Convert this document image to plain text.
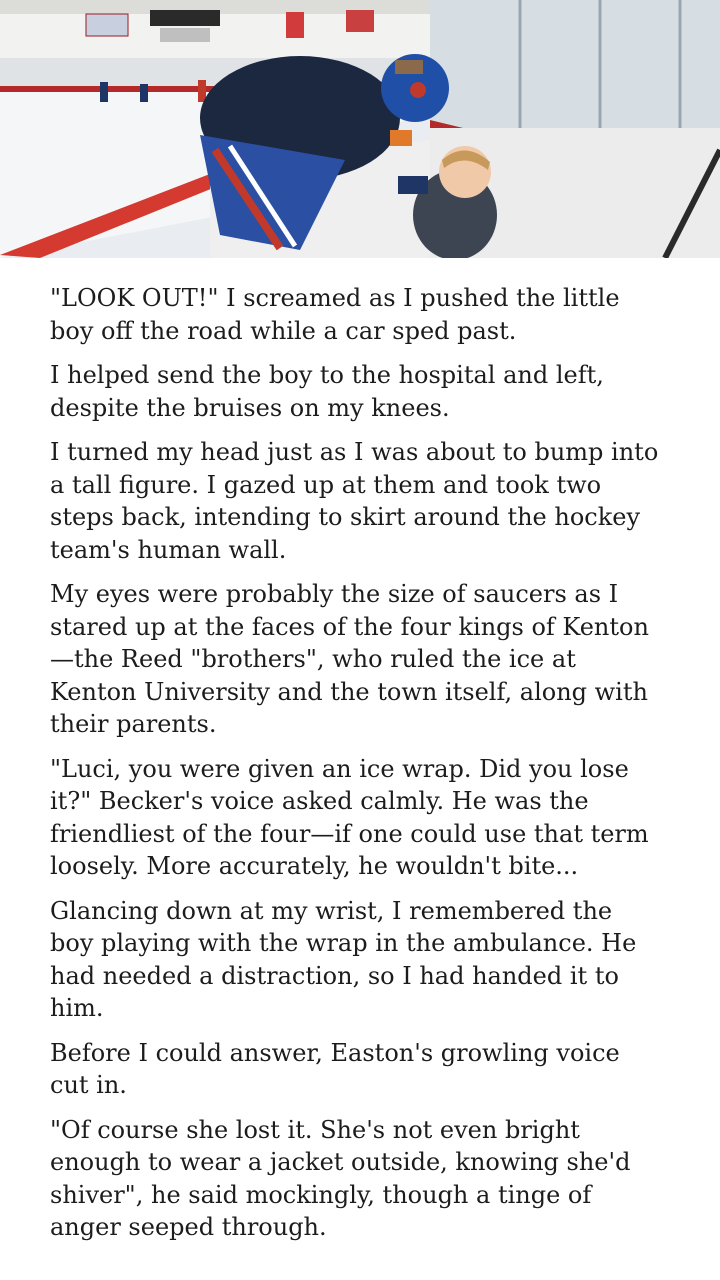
"LOOK OUT!" I screamed as I pushed the little boy off the road while a car sped past.

I helped send the boy to the hospital and left, despite the bruises on my knees.

I turned my head just as I was about to bump into a tall figure. I gazed up at them and took two steps back, intending to skirt around the hockey team's human wall.

My eyes were probably the size of saucers as I stared up at the faces of the four kings of Kenton—the Reed "brothers", who ruled the ice at Kenton University and the town itself, along with their parents.

"Luci, you were given an ice wrap. Did you lose it?" Becker's voice asked calmly. He was the friendliest of the four—if one could use that term loosely. More accurately, he wouldn't bite...

Glancing down at my wrist, I remembered the boy playing with the wrap in the ambulance. He had needed a distraction, so I had handed it to him.

Before I could answer, Easton's growling voice cut in.

"Of course she lost it. She's not even bright enough to wear a jacket outside, knowing she'd shiver", he said mockingly, though a tinge of anger seeped through.
